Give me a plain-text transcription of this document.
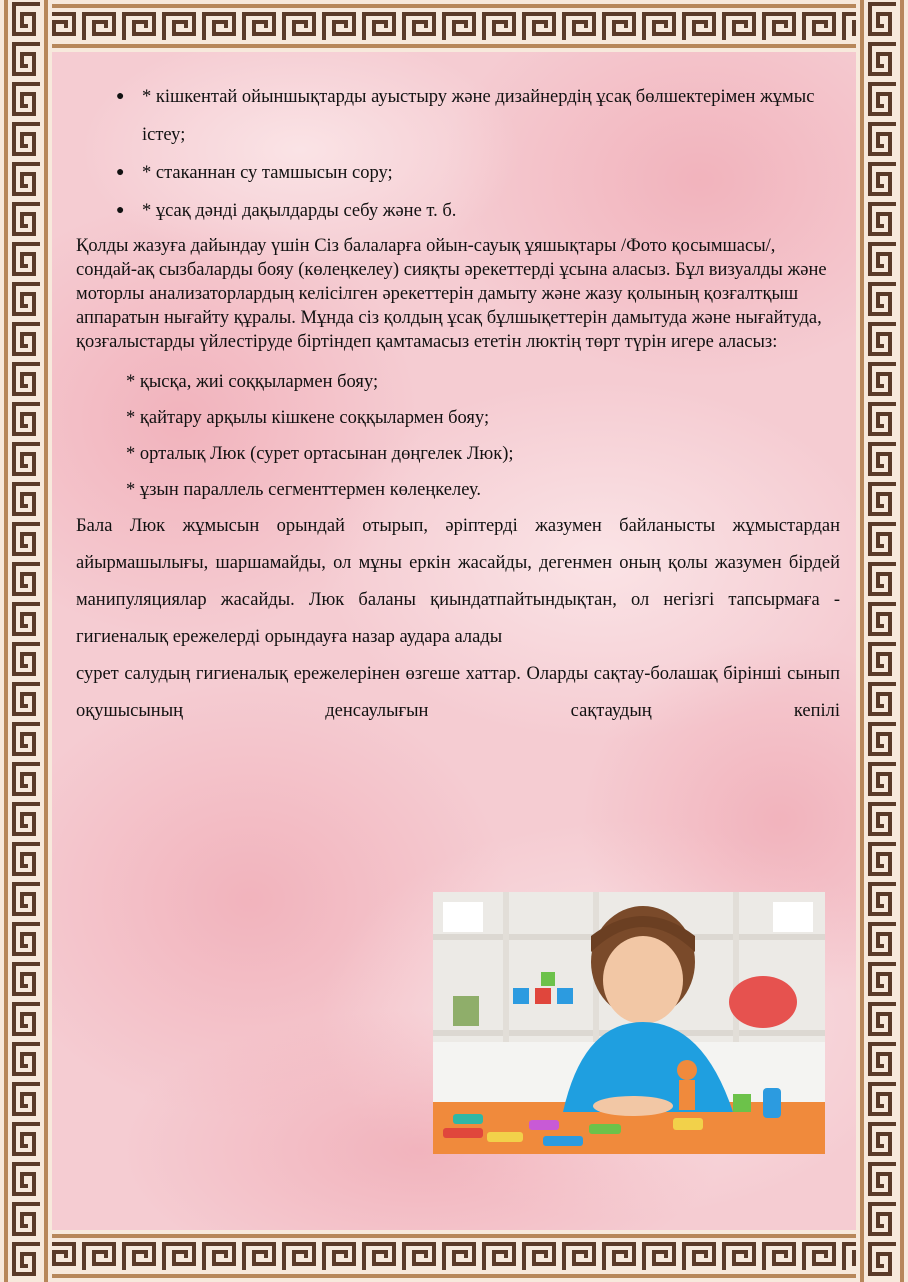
● * кішкентай ойыншықтарды ауыстыру және дизайнердің ұсақ бөлшектерімен жұмыс істеу;
● * стаканнан су тамшысын сору;
● * ұсақ дәнді дақылдарды себу және т. б.

Қолды жазуға дайындау үшін Сіз балаларға ойын-сауық ұяшықтары /Фото қосымшасы/, сондай-ақ сызбаларды бояу (көлеңкелеу) сияқты әрекеттерді ұсына аласыз. Бұл визуалды және моторлы анализаторлардың келісілген әрекеттерін дамыту және жазу қолының қозғалтқыш аппаратын нығайту құралы. Мұнда сіз қолдың ұсақ бұлшықеттерін дамытуда және нығайтуда, қозғалыстарды үйлестіруде біртіндеп қамтамасыз ететін люктің төрт түрін игере аласыз:

* қысқа, жиі соққылармен бояу;
* қайтару арқылы кішкене соққылармен бояу;
* орталық Люк (сурет ортасынан дөңгелек Люк);
* ұзын параллель сегменттермен көлеңкелеу.

Бала Люк жұмысын орындай отырып, әріптерді жазумен байланысты жұмыстардан айырмашылығы, шаршамайды, ол мұны еркін жасайды, дегенмен оның қолы жазумен бірдей манипуляциялар жасайды. Люк баланы қиындатпайтындықтан, ол негізгі тапсырмаға - гигиеналық ережелерді орындауға назар аудара алады

сурет салудың гигиеналық ережелерінен өзгеше хаттар. Оларды сақтау-болашақ бірінші сынып оқушысының денсаулығын сақтаудың кепілі
